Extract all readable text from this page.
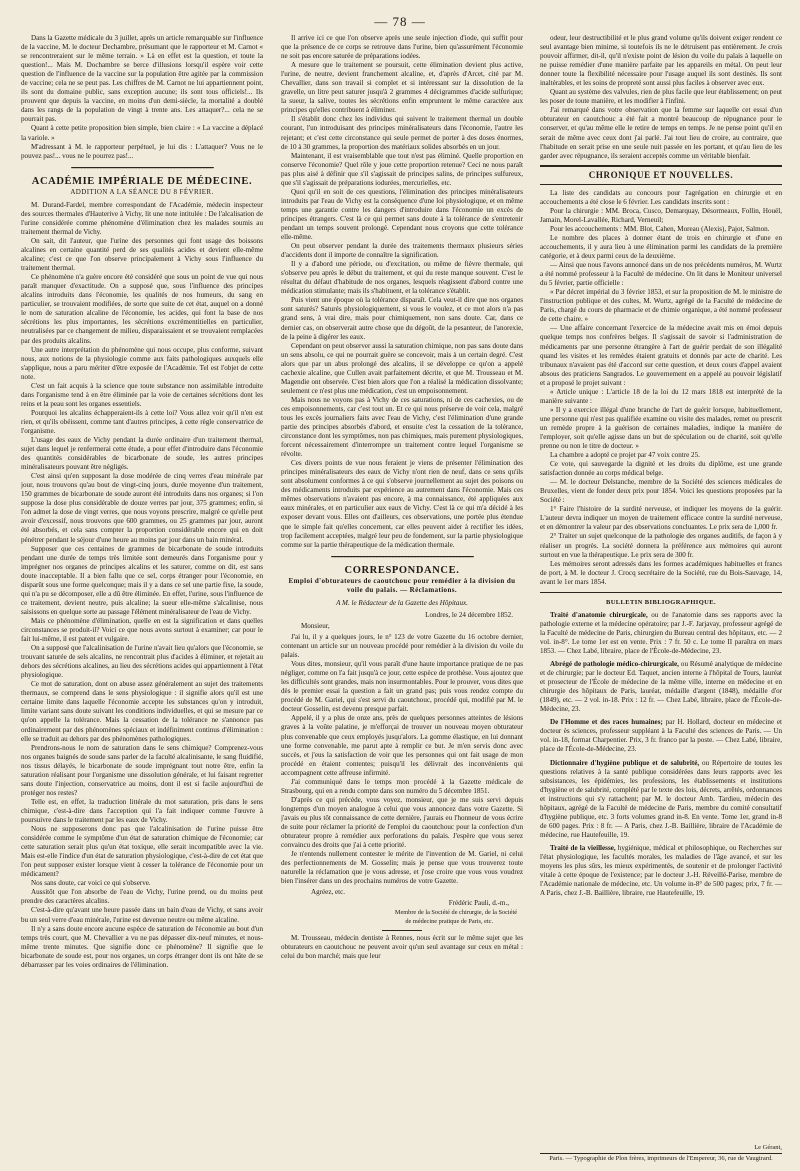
— 78 —

Dans la Gazette médicale du 3 juillet, après un article remarquable sur l'influence de la vaccine, M. le docteur Dechambre, présumant que le rapporteur et M. Carnot « se rencontreraient sur le même terrain. » Là en effet est la question, et toute la question!... Mais M. Dochambre se berce d'illusions lorsqu'il espère voir cette question de l'influence de la vaccine sur la population être agitée par la commission de vaccine; cela ne se peut pas. Les chiffres de M. Carnot ne lui appartiennent point, ils sont du domaine public, sans exception aucune; ils sont tous officiels!... Ils prouvent que depuis la vaccine, en moins d'un demi-siècle, la mortalité a doublé dans les rangs de la population de vingt à trente ans. Les attaquer?... cela ne se pourrait pas.

Quant à cette petite proposition bien simple, bien claire : « La vaccine a déplacé la variole. »

M'adressant à M. le rapporteur perpétuel, je lui dis : L'attaquer? Vous ne le pouvez pas!... vous ne le pourrez pas!...

━━━━━━━━━━━━━━━━━━━━━━━━━━━━━━━━━━━━━━━━━━━━
ACADÉMIE IMPÉRIALE DE MÉDECINE.
ADDITION A LA SÉANCE DU 8 FÉVRIER.

M. Durand-Fardel, membre correspondant de l'Académie, médecin inspecteur des sources thermales d'Hauterive à Vichy, lit une note intitulée : De l'alcalisation de l'urine considérée comme phénomène d'élimination chez les malades soumis au traitement thermal de Vichy.

On sait, dit l'auteur, que l'urine des personnes qui font usage des boissons alcalines en certaine quantité perd de ses qualités acides et devient elle-même alcaline; c'est ce que l'on observe principalement à Vichy sous l'influence du traitement thermal.

Ce phénomène n'a guère encore été considéré que sous un point de vue qui nous paraît manquer d'exactitude. On a supposé que, sous l'influence des principes alcalins introduits dans l'économie, les qualités de nos humeurs, du sang en particulier, se trouvaient modifiées, de sorte que suite de cet état, auquel on a donné le nom de saturation alcaline de l'économie, les acides, qui font la base de nos sécrétions les plus importantes, les sécrétions excrémentitielles en particulier, neutralisées par ce changement de milieu, disparaissaient et se trouvaient remplacées par des produits alcalins.

Une autre interprétation du phénomène qui nous occupe, plus conforme, suivant nous, aux notions de la physiologie comme aux faits pathologiques auxquels elle s'applique, nous a paru mériter d'être exposée de l'Académie. Tel est l'objet de cette note.

C'est un fait acquis à la science que toute substance non assimilable introduite dans l'organisme tend à en être éliminée par la voie de certaines sécrétions dont les reins et la peau sont les organes essentiels.

Pourquoi les alcalins échapperaient-ils à cette loi? Vous allez voir qu'il n'en est rien, et qu'ils obéissent, comme tant d'autres principes, à cette règle conservatrice de l'organisme.

L'usage des eaux de Vichy pendant la durée ordinaire d'un traitement thermal, sujet dans lequel je renfermerai cette étude, a pour effet d'introduire dans l'économie des quantités considérables de bicarbonate de soude, les autres principes minéralisateurs pouvant être négligés.

C'est ainsi qu'en supposant la dose modérée de cinq verres d'eau minérale par jour, nous trouvons qu'au bout de vingt-cinq jours, durée moyenne d'un traitement, 150 grammes de bicarbonate de soude auront été introduits dans nos organes; si l'on suppose la dose plus considérable de douze verres par jour, 375 grammes; enfin, si l'on admet la dose de vingt verres, que nous voyons prescrire, malgré ce qu'elle peut avoir d'excessif, nous trouvons que 600 grammes, ou 25 grammes par jour, auront été absorbés, et cela sans compter la proportion considérable encore qui en doit pénétrer pendant le séjour d'une heure au moins par jour dans un bain minéral.

Supposer que ces centaines de grammes de bicarbonate de soude introduits pendant une durée de temps très limitée sont demeurés dans l'organisme pour y imprégner nos organes de principes alcalins et les saturer, comme on dit, est sans doute inacceptable. Il a bien fallu que ce sel, corps étranger pour l'économie, en disparût sous une forme quelconque; mais il y a dans ce sel une partie fixe, la soude, qui n'a pu se décomposer, elle a dû être éliminée. En effet, l'urine, sous l'influence de ce traitement, devient neutre, puis alcaline; la sueur elle-même s'alcalinise, nous saisissons en quelque sorte au passage l'élément minéralisateur de l'eau de Vichy.

Mais ce phénomène d'élimination, quelle en est la signification et dans quelles circonstances se produit-il? Voici ce que nous avons surtout à examiner; car pour le fait lui-même, il est patent et vulgaire.

On a supposé que l'alcalinisation de l'urine n'avait lieu qu'alors que l'économie, se trouvant saturée de sels alcalins, ne rencontrait plus d'acides à éliminer, et rejetait au dehors des sécrétions alcalines, au lieu des sécrétions acides qui appartiennent à l'état physiologique.

Ce mot de saturation, dont on abuse assez généralement au sujet des traitements thermaux, se comprend dans le sens physiologique : il signifie alors qu'il est une certaine limite dans laquelle l'économie accepte les substances qu'on y introduit, limite variant sans doute suivant les conditions individuelles, et qui se mesure par ce qu'on appelle la tolérance. Mais la cessation de la tolérance ne s'annonce pas ordinairement par des phénomènes spéciaux et indéfiniment continus d'élimination : elle se traduit au dehors par des phénomènes pathologiques.

Prendrons-nous le nom de saturation dans le sens chimique? Comprenez-vous nos organes baignés de soude sans parler de la faculté alcalinisante, le sang fluidifié, nos tissus délayés, le bicarbonate de soude imprégnant tout notre être, enfin la saturation réalisant pour l'organisme une dissolution générale, et lui faisant regretter sans doute l'injection, conservatrice au moins, dont il est si facile aujourd'hui de protéger nos restes?

Telle est, en effet, la traduction littérale du mot saturation, pris dans le sens chimique, c'est-à-dire dans l'acception qui l'a fait indiquer comme l'œuvre à poursuivre dans le traitement par les eaux de Vichy.

Nous ne supposerons donc pas que l'alcalinisation de l'urine puisse être considérée comme le symptôme d'un état de saturation chimique de l'économie; car cette saturation serait plus qu'un état toxique, elle serait incompatible avec la vie. Mais est-elle l'indice d'un état de saturation physiologique, c'est-à-dire de cet état que l'on peut supposer exister lorsque vient à cesser la tolérance de l'économie pour un médicament?

Nos sans doute, car voici ce qui s'observe.

Aussitôt que l'on absorbe de l'eau de Vichy, l'urine prend, ou du moins peut prendre des caractères alcalins.

C'est-à-dire qu'avant une heure passée dans un bain d'eau de Vichy, et sans avoir bu un seul verre d'eau minérale, l'urine est devenue neutre ou même alcaline.

Il n'y a sans doute encore aucune espèce de saturation de l'économie au bout d'un temps très court, que M. Chevallier a vu ne pas dépasser dix-neuf minutes, et nous-même trente minutes. Que signifie donc ce phénomène? Il signifie que le bicarbonate de soude est, pour nos organes, un corps étranger dont ils ont hâte de se débarrasser par les voies ordinaires de l'élimination.

Il arrive ici ce que l'on observe après une seule injection d'iode, qui suffit pour que la présence de ce corps se retrouve dans l'urine, bien qu'assurément l'économie ne soit pas encore saturée de préparations iodées.

A mesure que le traitement se poursuit, cette élimination devient plus active, l'urine, de neutre, devient franchement alcaline, et, d'après d'Arcet, cité par M. Chevallier, dans son travail si complet et si intéressant sur la dissolution de la gravelle, un litre peut saturer jusqu'à 2 grammes 4 décigrammes d'acide sulfurique; la sueur, la salive, toutes les sécrétions enfin empruntent le même caractère aux principes qu'elles contribuent à éliminer.

Il s'établit donc chez les individus qui suivent le traitement thermal un double courant, l'un introduisant des principes minéralisateurs dans l'économie, l'autre les rejetant; et c'est cette circonstance qui seule permet de porter à des doses énormes, de 10 à 30 grammes, la proportion des matériaux solides absorbés en un jour.

Maintenant, il est vraisemblable que tout n'est pas éliminé. Quelle proportion en conserve l'économie? Quel rôle y joue cette proportion retenue? Ceci ne nous paraît pas plus aisé à définir que s'il s'agissait de principes salins, de principes sulfureux, que s'il s'agissait de préparations iodurées, mercurielles, etc.

Quoi qu'il en soit de ces questions, l'élimination des principes minéralisateurs introduits par l'eau de Vichy est la conséquence d'une loi physiologique, et en même temps une garantie contre les dangers d'introduire dans l'économie un excès de principes étrangers. C'est là ce qui permet sans doute à la tolérance de s'entretenir pendant un temps souvent prolongé. Cependant nous croyons que cette tolérance elle-même.

On peut observer pendant la durée des traitements thermaux plusieurs séries d'accidents dont il importe de connaître la signification.

Il y a d'abord une période, ou d'excitation, ou même de fièvre thermale, qui s'observe peu après le début du traitement, et qui du reste manque souvent. C'est le résultat du défaut d'habitude de nos organes, lesquels réagissent d'abord contre une médication stimulante; mais ils s'habituent, et la tolérance s'établit.

Puis vient une époque où la tolérance disparaît. Cela veut-il dire que nos organes sont saturés? Saturés physiologiquement, si vous le voulez, et ce mot alors n'a pas grand sens, à vrai dire, mais pour chimiquement, non sans doute. Car, dans ce dernier cas, on observerait autre chose que du dégoût, de la pesanteur, de l'anorexie, de la peine à digérer les eaux.

Cependant on peut observer aussi la saturation chimique, non pas sans doute dans un sens absolu, ce qui ne pourrait guère se concevoir, mais à un certain degré. C'est alors que par un abus prolongé des alcalins, il se développe ce qu'on a appelé cachexie alcaline, que Cullen avait parfaitement décrite, et que M. Trousseau et M. Magendie ont observée. C'est bien alors que l'on a réalisé la médication dissolvante; seulement ce n'est plus une médication, c'est un empoisonnement.

Mais nous ne voyons pas à Vichy de ces saturations, ni de ces cachexies, ou de ces empoisonnements, car c'est tout un. Et ce qui nous préserve de voir cela, malgré tous les excès journaliers faits avec l'eau de Vichy, c'est l'élimination d'une grande partie des principes absorbés d'abord, et ensuite c'est la cessation de la tolérance, circonstance dont les symptômes, non pas chimiques, mais purement physiologiques, forcent nécessairement d'interrompre un traitement contre lequel l'organisme se révolte.

Ces divers points de vue nous feraient je viens de présenter l'élimination des principes minéralisateurs des eaux de Vichy n'ont rien de neuf, dans ce sens qu'ils sont absolument conformes à ce qui s'observe journellement au sujet des poisons ou des médicaments introduits par expérience au autrement dans l'économie. Mais ces mêmes observations n'avaient pas encore, à ma connaissance, été appliquées aux eaux minérales, et en particulier aux eaux de Vichy. C'est là ce qui m'a décidé à les exposer devant vous. Elles ont d'ailleurs, ces observations, une portée plus étendue que le simple fait qu'elles concernent, car elles peuvent aider à rectifier les idées, trop facilement acceptées, malgré leur peu de fondement, sur la partie physiologique comme sur la partie thérapeutique de la médication thermale.

━━━━━━━━━━━━━━━━━━━━━━━━━━━━━━━━━━━━━━━━━━━━
CORRESPONDANCE.
Emploi d'obturateurs de caoutchouc pour remédier à la division du voile du palais. — Réclamations.

A M. le Rédacteur de la Gazette des Hôpitaux.

Londres, le 24 décembre 1852.

Monsieur,

J'ai lu, il y a quelques jours, le n° 123 de votre Gazette du 16 octobre dernier, contenant un article sur un nouveau procédé pour remédier à la division du voile du palais.

Vous dites, monsieur, qu'il vous paraît d'une haute importance pratique de ne pas négliger, comme on l'a fait jusqu'à ce jour, cette espèce de prothèse. Vous ajoutez que les difficultés sont grandes, mais non insurmontables. Pour le prouver, vous dites que dès le premier essai la question a fait un grand pas; puis vous rendez compte du procédé de M. Gariel, qui s'est servi du caoutchouc, procédé qui, modifié par M. le docteur Gosselin, est devenu presque parfait.

Appelé, il y a plus de onze ans, près de quelques personnes atteintes de lésions graves à la voûte palatine, je m'efforçai de trouver un nouveau moyen obturateur plus convenable que ceux employés jusqu'alors. La gomme élastique, en lui donnant une forme convenable, me parut apte à remplir ce but. Je m'en servis donc avec succès, et j'eus la satisfaction de voir que les personnes qui ont fait usage de mon procédé en étaient contentes; puisqu'il les délivrait des inconvénients qui accompagnent cette affreuse infirmité.

J'ai communiqué dans le temps mon procédé à la Gazette médicale de Strasbourg, qui en a rendu compte dans son numéro du 5 décembre 1851.

D'après ce qui précède, vous voyez, monsieur, que je me suis servi depuis longtemps d'un moyen analogue à celui que vous annoncez dans votre Gazette. Si j'avais eu plus tôt connaissance de cette dernière, j'aurais eu l'honneur de vous écrire de suite pour réclamer la priorité de l'emploi du caoutchouc pour la confection d'un obturateur propre à remédier aux perforations du palais. J'espère que vous serez convaincu des droits que j'ai à cette priorité.

Je n'entends nullement contester le mérite de l'invention de M. Gariel, ni celui des perfectionnements de M. Gosselin; mais je pense que vous trouverez toute naturelle la réclamation que je vous adresse, et j'ose croire que vous vous voudrez bien l'insérer dans un des prochains numéros de votre Gazette.

Agréez, etc.

Frédéric Pauli, d.-m.,

Membre de la Société de chirurgie, de la Société

de médecine pratique de Paris, etc.

M. Trousseau, médecin dentiste à Rennes, nous écrit sur le même sujet que les obturateurs en caoutchouc ne peuvent avoir qu'un seul avantage sur ceux en métal : celui du bon marché; mais que leur

odeur, leur destructibilité et le plus grand volume qu'ils doivent exiger rendent ce seul avantage bien minime, si toutefois ils ne le détruisent pas entièrement. Je crois pouvoir affirmer, dit-il, qu'il n'existe point de lésion du voile du palais à laquelle on ne puisse remédier d'une manière parfaite par les appareils en métal. On peut leur donner toute la flexibilité nécessaire pour l'usage auquel ils sont destinés. Ils sont inaltérables, et les soins de propreté sont aussi plus faciles à observer avec eux.

Quant au système des valvules, rien de plus facile que leur établissement; on peut les poser de toute manière, et les modifier à l'infini.

J'ai remarqué dans votre observation que la femme sur laquelle cet essai d'un obturateur en caoutchouc a été fait a montré beaucoup de répugnance pour le conserver, et qu'au même elle le retire de temps en temps. Je ne pense point qu'il en serait de même avec ceux dont j'ai parlé. J'ai tout lieu de croire, au contraire, que l'habitude en serait prise en une seule nuit passée en les portant, et qu'au lieu de les garder avec répugnance, ils seraient acceptés comme un véritable bienfait.

CHRONIQUE ET NOUVELLES.

La liste des candidats au concours pour l'agrégation en chirurgie et en accouchements a été close le 6 février. Les candidats inscrits sont :

Pour la chirurgie : MM. Broca, Cusco, Demarquay, Désormeaux, Follin, Houël, Jamain, Morel-Lavallée, Richard, Verneuil;

Pour les accouchements : MM. Blot, Cahen, Moreau (Alexis), Pajot, Salmon.

Le nombre des places à donner étant de trois en chirurgie et d'une en accouchements, il y aura lieu à une élimination parmi les candidats de la première catégorie, et à deux parmi ceux de la deuxième.

— Ainsi que nous l'avons annoncé dans un de nos précédents numéros, M. Wurtz a été nommé professeur à la Faculté de médecine. On lit dans le Moniteur universel du 5 février, partie officielle :

« Par décret impérial du 3 février 1853, et sur la proposition de M. le ministre de l'instruction publique et des cultes, M. Wurtz, agrégé de la Faculté de médecine de Paris, chargé du cours de pharmacie et de chimie organique, a été nommé professeur de cette chaire. »

— Une affaire concernant l'exercice de la médecine avait mis en émoi depuis quelque temps nos confrères belges. Il s'agissait de savoir si l'administration de médicaments par une personne étrangère à l'art de guérir perdait de son illégalité quand les visites et les remèdes étaient gratuits et donnés par acte de charité. Les tribunaux n'avaient pas été d'accord sur cette question, et deux cours d'appel avaient absous des praticiens Sangrados. Le gouvernement en a appelé au pouvoir législatif et a proposé le projet suivant :

« Article unique : L'article 18 de la loi du 12 mars 1818 est interprété de la manière suivante :

» Il y a exercice illégal d'une branche de l'art de guérir lorsque, habituellement, une personne qui n'est pas qualifiée examine ou visite des malades, remet ou prescrit un remède propre à la guérison de certaines maladies, indique la manière de l'employer, soit qu'elle agisse dans un but de spéculation ou de charité, soit qu'elle prenne ou non le titre de docteur. »

La chambre a adopté ce projet par 47 voix contre 25.

Ce vote, qui sauvegarde la dignité et les droits du diplôme, est une grande satisfaction donnée au corps médical belge.

— M. le docteur Delstanche, membre de la Société des sciences médicales de Bruxelles, vient de fonder deux prix pour 1854. Voici les questions proposées par la Société :

1° Faire l'histoire de la surdité nerveuse, et indiquer les moyens de la guérir. L'auteur devra indiquer un moyen de traitement efficace contre la surdité nerveuse, et en démontrer la valeur par des observations concluantes. Le prix sera de 1,000 fr.

2° Traiter un sujet quelconque de la pathologie des organes auditifs, de façon à y réaliser un progrès. La société donnera la préférence aux mémoires qui auront surtout en vue la thérapeutique. Le prix sera de 300 fr.

Les mémoires seront adressés dans les formes académiques habituelles et francs de port, à M. le docteur J. Crocq secrétaire de la Société, rue du Bois-Sauvage, 14, avant le 1er mars 1854.

BULLETIN BIBLIOGRAPHIQUE.

Traité d'anatomie chirurgicale, ou de l'anatomie dans ses rapports avec la pathologie externe et la médecine opératoire; par J.-F. Jarjavay, professeur agrégé de la Faculté de médecine de Paris, chirurgien du Bureau central des hôpitaux, etc. — 2 vol. in-8°. Le tome 1er est en vente. Prix : 7 fr. 50 c. Le tome II paraîtra en mars 1853. — Chez Labé, libraire, place de l'École-de-Médecine, 23.

Abrégé de pathologie médico-chirurgicale, ou Résumé analytique de médecine et de chirurgie; par le docteur Ed. Taquet, ancien interne à l'hôpital de Tours, lauréat et prosecteur de l'École de médecine de la même ville, interne en médecine et en chirurgie des hôpitaux de Paris, lauréat, médaille d'argent (1848), médaille d'or (1849), etc. — 2 vol. in-18. Prix : 12 fr. — Chez Labé, libraire, place de l'École-de-Médecine, 23.

De l'Homme et des races humaines; par H. Hollard, docteur en médecine et docteur ès sciences, professeur suppléant à la Faculté des sciences de Paris. — Un vol. in-18, format Charpentier. Prix, 3 fr. franco par la poste. — Chez Labé, libraire, place de l'École-de-Médecine, 23.

Dictionnaire d'hygiène publique et de salubrité, ou Répertoire de toutes les questions relatives à la santé publique considérées dans leurs rapports avec les subsistances, les épidémies, les professions, les établissements et institutions d'hygiène et de salubrité, complété par le texte des lois, décrets, arrêtés, ordonnances et instructions qui s'y rattachent; par M. le docteur Amb. Tardieu, médecin des hôpitaux, agrégé de la Faculté de médecine de Paris, membre du comité consultatif d'hygiène publique, etc. 3 forts volumes grand in-8. En vente. Tome 1er, grand in-8 de 600 pages. Prix : 8 fr. — A Paris, chez J.-B. Baillière, libraire de l'Académie de médecine, rue Hautefeuille, 19.

Traité de la vieillesse, hygiénique, médical et philosophique, ou Recherches sur l'état physiologique, les facultés morales, les maladies de l'âge avancé, et sur les moyens les plus sûrs, les mieux expérimentés, de soutenir et de prolonger l'activité vitale à cette époque de l'existence; par le docteur J.-H. Réveillé-Parise, membre de l'Académie nationale de médecine, etc. Un volume in-8° de 500 pages; prix, 7 fr. — A Paris, chez J.-B. Baillière, libraire, rue Hautefeuille, 19.

Le Gérant,
Paris. — Typographie de Plon frères, imprimeurs de l'Empereur, 36, rue de Vaugirard.
